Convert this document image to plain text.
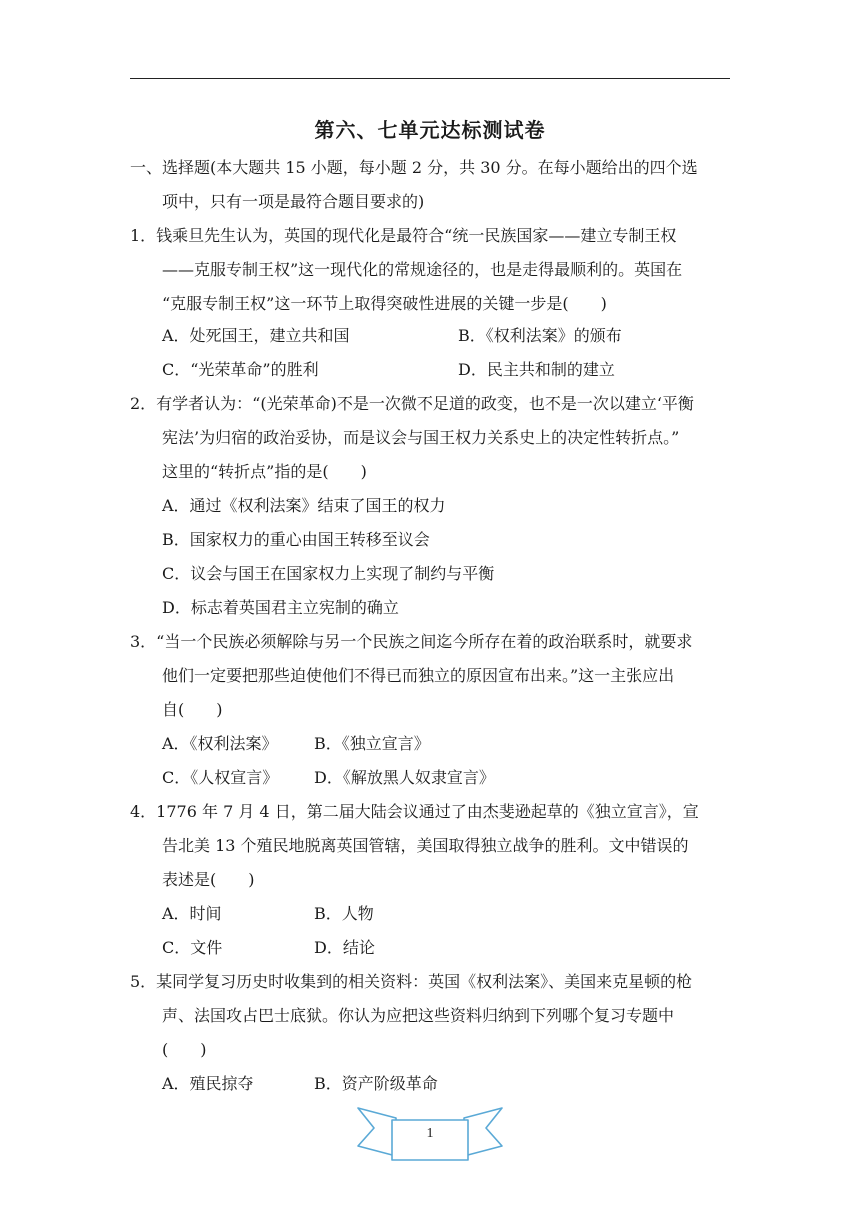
第六、七单元达标测试卷
一、选择题(本大题共 15 小题，每小题 2 分，共 30 分。在每小题给出的四个选
项中，只有一项是最符合题目要求的)
1．钱乘旦先生认为，英国的现代化是最符合“统一民族国家——建立专制王权
——克服专制王权”这一现代化的常规途径的，也是走得最顺利的。英国在
“克服专制王权”这一环节上取得突破性进展的关键一步是(　　)
A．处死国王，建立共和国	B．《权利法案》的颁布
C．“光荣革命”的胜利	D．民主共和制的建立
2．有学者认为：“(光荣革命)不是一次微不足道的政变，也不是一次以建立‘平衡
宪法’为归宿的政治妥协，而是议会与国王权力关系史上的决定性转折点。”
这里的“转折点”指的是(　　)
A．通过《权利法案》结束了国王的权力
B．国家权力的重心由国王转移至议会
C．议会与国王在国家权力上实现了制约与平衡
D．标志着英国君主立宪制的确立
3．“当一个民族必须解除与另一个民族之间迄今所存在着的政治联系时，就要求
他们一定要把那些迫使他们不得已而独立的原因宣布出来。”这一主张应出
自(　　)
A．《权利法案》 B．《独立宣言》
C．《人权宣言》 D．《解放黑人奴隶宣言》
4．1776 年 7 月 4 日，第二届大陆会议通过了由杰斐逊起草的《独立宣言》，宣
告北美 13 个殖民地脱离英国管辖，美国取得独立战争的胜利。文中错误的
表述是(　　)
A．时间	B．人物
C．文件	D．结论
5．某同学复习历史时收集到的相关资料：英国《权利法案》、美国来克星顿的枪
声、法国攻占巴士底狱。你认为应把这些资料归纳到下列哪个复习专题中
(　　)
A．殖民掠夺	B．资产阶级革命
1
